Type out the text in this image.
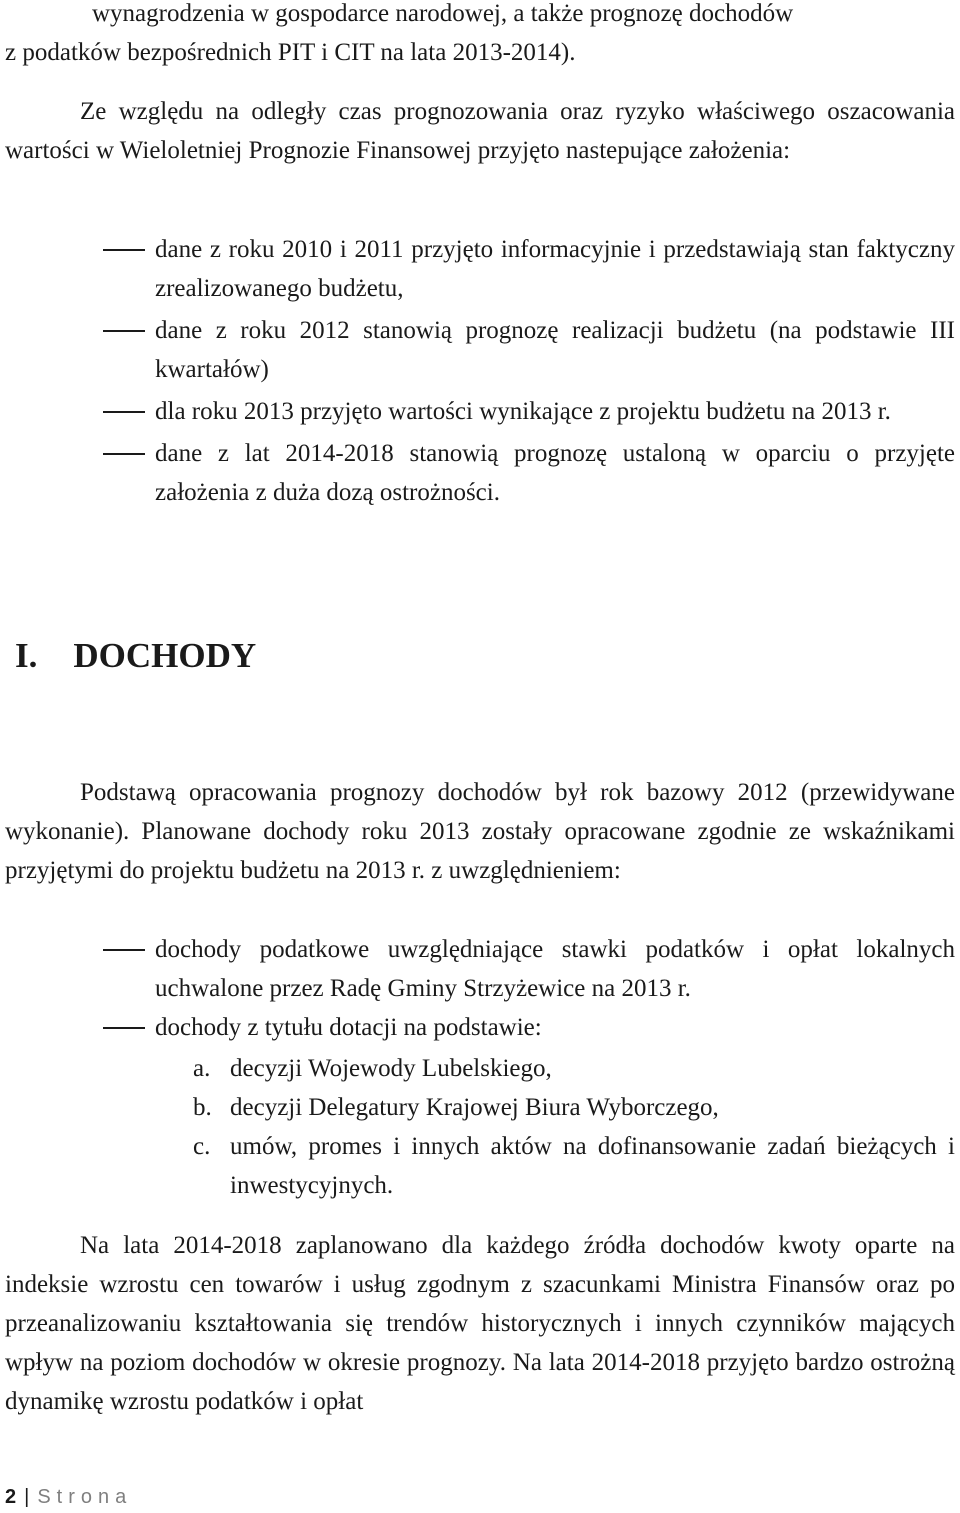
wynagrodzenia w gospodarce narodowej, a także prognozę dochodów
z podatków bezpośrednich PIT i CIT na lata 2013-2014).

Ze względu na odległy czas prognozowania oraz ryzyko właściwego oszacowania wartości w Wieloletniej Prognozie Finansowej przyjęto nastepujące założenia:

dane z roku 2010 i 2011 przyjęto informacyjnie i przedstawiają stan faktyczny zrealizowanego budżetu,
dane z roku 2012 stanowią prognozę realizacji budżetu (na podstawie III kwartałów)
dla roku 2013 przyjęto wartości wynikające z projektu budżetu na 2013 r.
dane z lat 2014-2018 stanowią prognozę ustaloną w oparciu o przyjęte założenia z duża dozą ostrożności.
I. DOCHODY

Podstawą opracowania prognozy dochodów był rok bazowy 2012 (przewidywane wykonanie). Planowane dochody roku 2013 zostały opracowane zgodnie ze wskaźnikami przyjętymi do projektu budżetu na 2013 r. z uwzględnieniem:

dochody podatkowe uwzględniające stawki podatków i opłat lokalnych uchwalone przez Radę Gminy Strzyżewice na 2013 r.
dochody z tytułu dotacji na podstawie:
a. decyzji Wojewody Lubelskiego,
b. decyzji Delegatury Krajowej Biura Wyborczego,
c. umów, promes i innych aktów na dofinansowanie zadań bieżących i inwestycyjnych.

Na lata 2014-2018 zaplanowano dla każdego źródła dochodów kwoty oparte na indeksie wzrostu cen towarów i usług zgodnym z szacunkami Ministra Finansów oraz po przeanalizowaniu kształtowania się trendów historycznych i innych czynników mających wpływ na poziom dochodów w okresie prognozy. Na lata 2014-2018 przyjęto bardzo ostrożną dynamikę wzrostu podatków i opłat

2 | Strona
